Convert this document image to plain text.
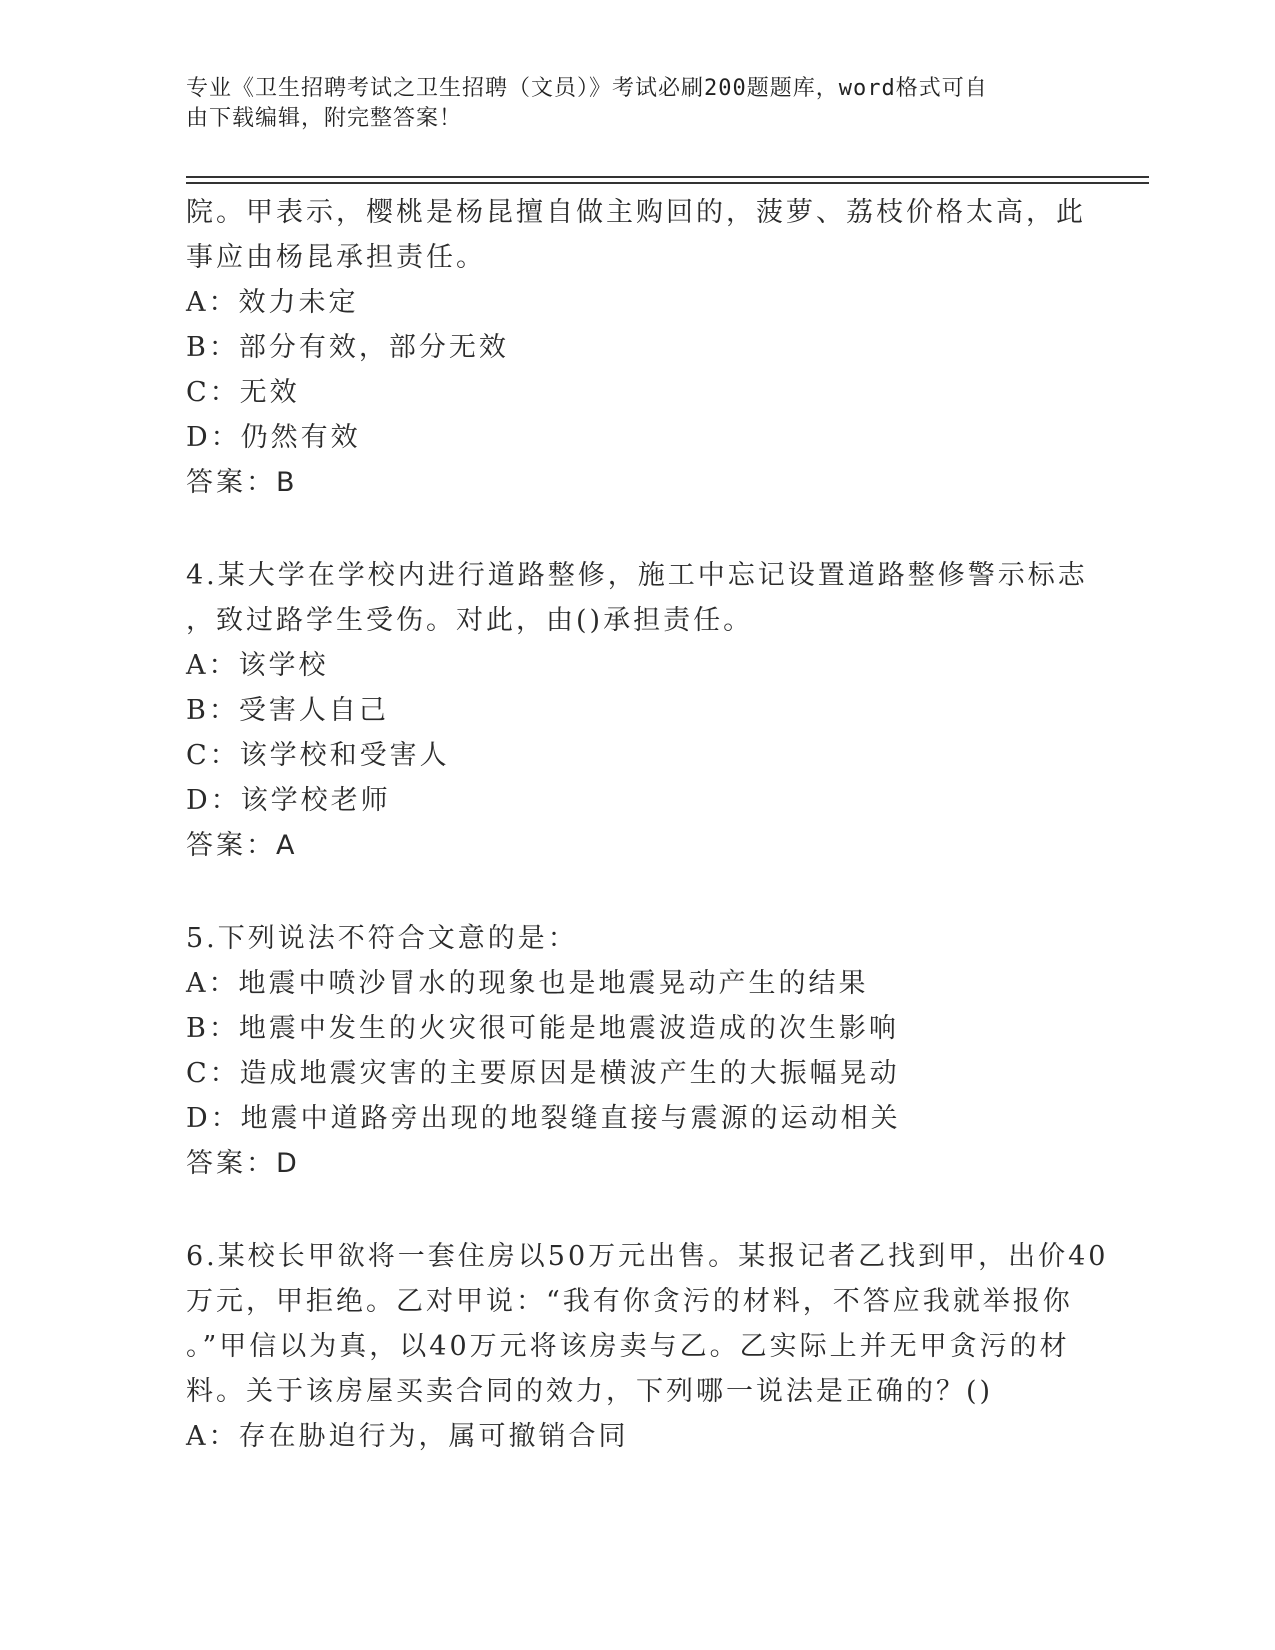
专业《卫生招聘考试之卫生招聘（文员）》考试必刷200题题库，word格式可自
由下载编辑，附完整答案！
院。甲表示，樱桃是杨昆擅自做主购回的，菠萝、荔枝价格太高，此
事应由杨昆承担责任。
A：效力未定
B：部分有效，部分无效
C：无效
D：仍然有效
答案：B
4.某大学在学校内进行道路整修，施工中忘记设置道路整修警示标志
，致过路学生受伤。对此，由()承担责任。
A：该学校
B：受害人自己
C：该学校和受害人
D：该学校老师
答案：A
5.下列说法不符合文意的是：
A：地震中喷沙冒水的现象也是地震晃动产生的结果
B：地震中发生的火灾很可能是地震波造成的次生影响
C：造成地震灾害的主要原因是横波产生的大振幅晃动
D：地震中道路旁出现的地裂缝直接与震源的运动相关
答案：D
6.某校长甲欲将一套住房以50万元出售。某报记者乙找到甲，出价40
万元，甲拒绝。乙对甲说：“我有你贪污的材料，不答应我就举报你
。”甲信以为真，以40万元将该房卖与乙。乙实际上并无甲贪污的材
料。关于该房屋买卖合同的效力，下列哪一说法是正确的？()
A：存在胁迫行为，属可撤销合同
